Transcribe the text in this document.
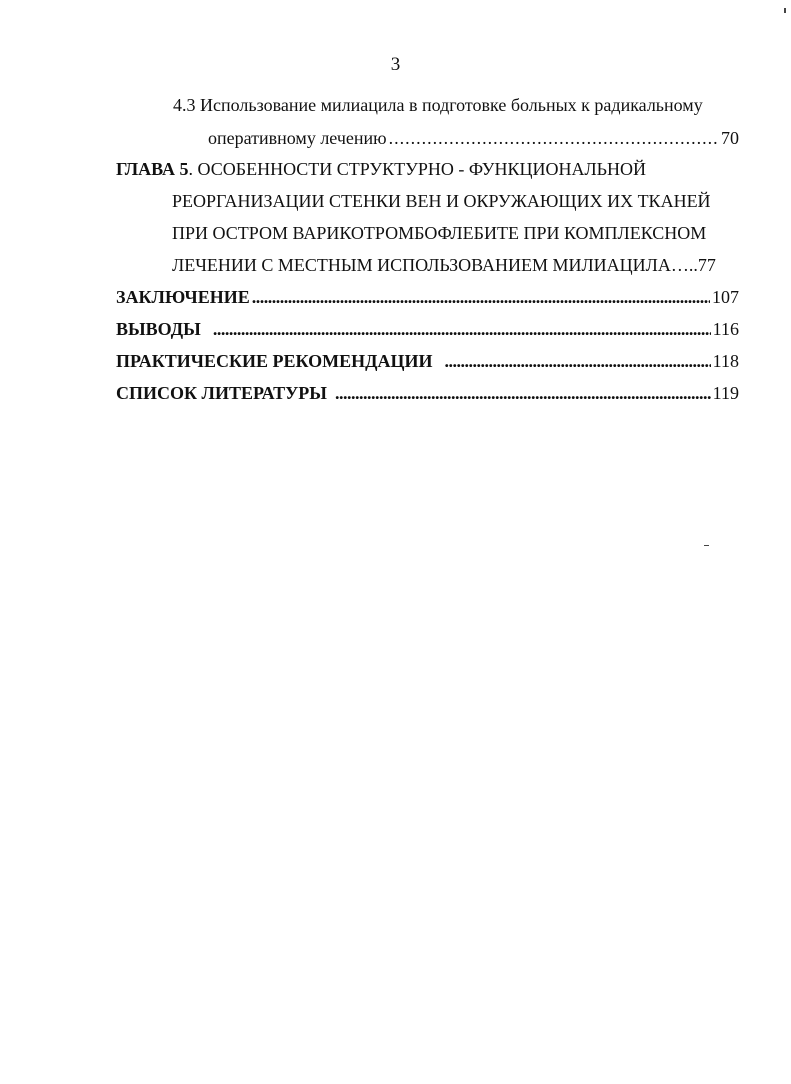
3
4.3 Использование милиацила в подготовке больных к радикальному
оперативному лечению .....	70
ГЛАВА 5. ОСОБЕННОСТИ СТРУКТУРНО - ФУНКЦИОНАЛЬНОЙ
РЕОРГАНИЗАЦИИ СТЕНКИ ВЕН И ОКРУЖАЮЩИХ ИХ ТКАНЕЙ
ПРИ ОСТРОМ ВАРИКОТРОМБОФЛЕБИТЕ ПРИ КОМПЛЕКСНОМ
ЛЕЧЕНИИ С МЕСТНЫМ ИСПОЛЬЗОВАНИЕМ МИЛИАЦИЛА…..77
ЗАКЛЮЧЕНИЕ .....	107
ВЫВОДЫ .....	116
ПРАКТИЧЕСКИЕ РЕКОМЕНДАЦИИ .....	118
СПИСОК ЛИТЕРАТУРЫ .....	119
